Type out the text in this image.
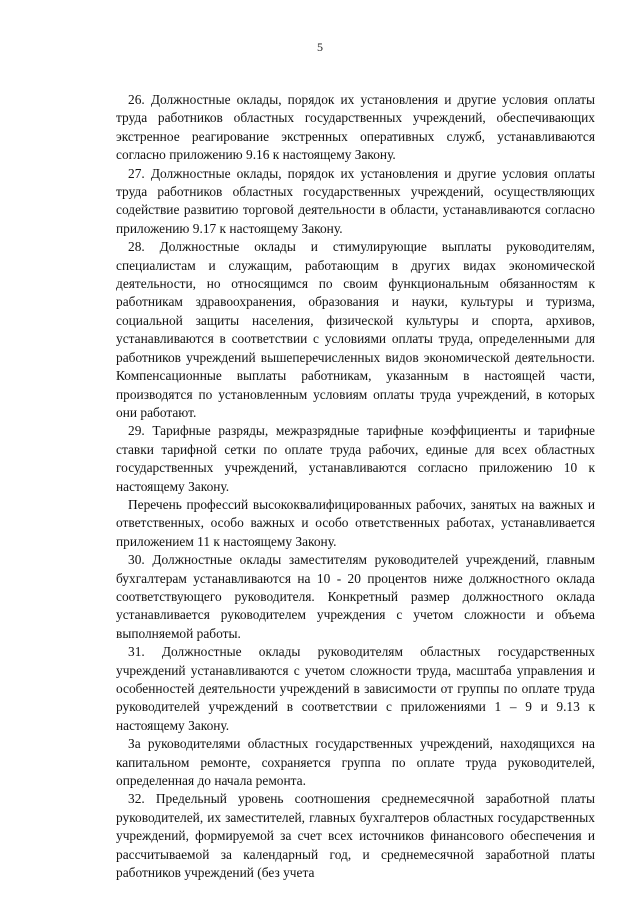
5

26. Должностные оклады, порядок их установления и другие условия оплаты труда работников областных государственных учреждений, обеспечивающих экстренное реагирование экстренных оперативных служб, устанавливаются согласно приложению 9.16 к настоящему Закону.

27. Должностные оклады, порядок их установления и другие условия оплаты труда работников областных государственных учреждений, осуществляющих содействие развитию торговой деятельности в области, устанавливаются согласно приложению 9.17 к настоящему Закону.

28. Должностные оклады и стимулирующие выплаты руководителям, специалистам и служащим, работающим в других видах экономической деятельности, но относящимся по своим функциональным обязанностям к работникам здравоохранения, образования и науки, культуры и туризма, социальной защиты населения, физической культуры и спорта, архивов, устанавливаются в соответствии с условиями оплаты труда, определенными для работников учреждений вышеперечисленных видов экономической деятельности. Компенсационные выплаты работникам, указанным в настоящей части, производятся по установленным условиям оплаты труда учреждений, в которых они работают.

29. Тарифные разряды, межразрядные тарифные коэффициенты и тарифные ставки тарифной сетки по оплате труда рабочих, единые для всех областных государственных учреждений, устанавливаются согласно приложению 10 к настоящему Закону.

Перечень профессий высококвалифицированных рабочих, занятых на важных и ответственных, особо важных и особо ответственных работах, устанавливается приложением 11 к настоящему Закону.

30. Должностные оклады заместителям руководителей учреждений, главным бухгалтерам устанавливаются на 10 - 20 процентов ниже должностного оклада соответствующего руководителя. Конкретный размер должностного оклада устанавливается руководителем учреждения с учетом сложности и объема выполняемой работы.

31. Должностные оклады руководителям областных государственных учреждений устанавливаются с учетом сложности труда, масштаба управления и особенностей деятельности учреждений в зависимости от группы по оплате труда руководителей учреждений в соответствии с приложениями 1 – 9 и 9.13 к настоящему Закону.

За руководителями областных государственных учреждений, находящихся на капитальном ремонте, сохраняется группа по оплате труда руководителей, определенная до начала ремонта.

32. Предельный уровень соотношения среднемесячной заработной платы руководителей, их заместителей, главных бухгалтеров областных государственных учреждений, формируемой за счет всех источников финансового обеспечения и рассчитываемой за календарный год, и среднемесячной заработной платы работников учреждений (без учета
